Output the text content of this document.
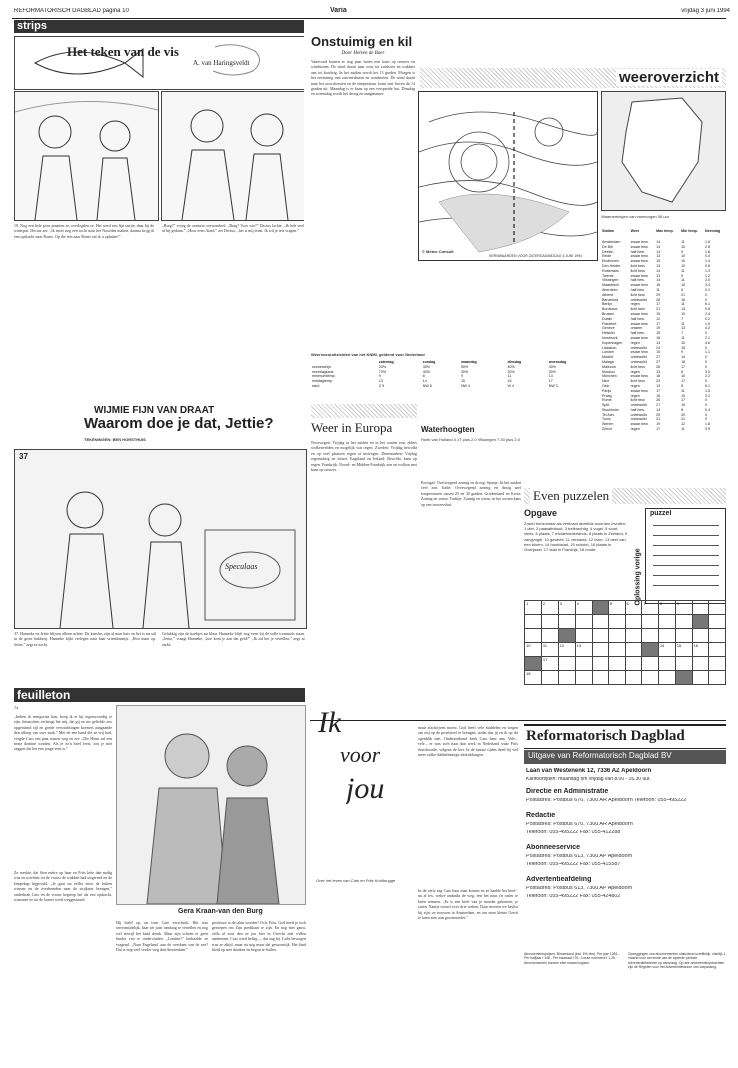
REFORMATORISCH DAGBLAD pagina 10	Varia	vrijdag 3 juni 1994
strips
Het teken van de vis
A. van Haringsveldt
19. Nog een hele poos praatten ze, overlegden ze. Het werd een fijn uurtje, daar bij de waterput. Decius zei: „Ik moet nog een tocht naar het Noorden maken, daarna krijg ik een opdracht naar Rome. Op die reis naar Rome zal ik u ophalen!”
„Burg?” vroeg de centurio verwonderd. „Burg? Voor wie?” Decius lachte. „Ik heb veel af bij gedaan.” „Hoor eens Aiard,” zei Decius, „het is mij ernst. Ik wil je iets vragen.”
WIJMIE FIJN VAN DRAAT
Waarom doe je dat, Jettie?
TEKENINGEN: BEN HORSTHUIS
37
Speculaas
37. Hanneke en Jettie blijven alleen achter. De knechts zijn al naar huis en het is nu stil in de grote bakkerij. Hanneke kijkt verlegen naar haar vriendinnetje. „Hou maar op, Jettie,” zegt ze zacht.
Gelukkig zijn de koekjes nu klaar. Hanneke blijft nog even bij de volle trommels staan. „Jettie,” vraagt Hanneke, „hoe kom je aan dat geld?” „Ik zal het je vertellen,” zegt ze zacht.
Onstuimig en kil
Door Heleen de Boer
Vanavond komen er nog paar buien met kans op onweer en windstoten. De wind draait naar west tot zuidwest en wakkert aan tot krachtig. In het zuiden wordt het 13 graden. Morgen is het onstuimig met onweersbuien en windstoten. De wind draait naar het noordwesten en de temperatuur komt niet boven de 14 graden uit. Maandag is er kans op een verspreide bui. Dinsdag en woensdag wordt het droog en aangenamer.
weeroverzicht
© Meteo Consult
KERNWAARDEN VOOR ZATERDAGMIDDAG 4 JUNI 1994
Waarnemingen van vanmorgen 08 uur
Station	Weer	Max temp.	Min temp.	Neerslag
Amsterdam	zwaar bew.	14	11	1.8
De Bilt	zwaar bew.	14	10	2.8
Deelen	half bew.	14	9	1.6
Eelde	zwaar bew.	13	10	0.4
Eindhoven	zwaar bew.	15	10	1.4
Den Helder	licht bew.	13	10	0.8
Rotterdam	licht bew.	14	11	1.3
Twente	zwaar bew.	13	9	1.2
Vlissingen	half bew.	14	11	2.0
Maastricht	zwaar bew.	16	10	3.4
Aberdeen	half bew.	11	6	0.1
Athene	licht bew.	29	21	0
Barcelona	onbewolkt	26	16	0
Berlijn	regen	17	11	6.1
Bordeaux	licht bew.	21	13	0.8
Brussel	zwaar bew.	15	10	2.4
Dublin	half bew.	12	7	0.2
Frankfort	zwaar bew.	17	11	1.9
Genève	onweer	19	13	4.2
Helsinki	half bew.	15	7	0
Innsbruck	zwaar bew.	18	11	2.1
Kopenhagen	regen	14	10	4.6
Lissabon	onbewolkt	24	15	0
Londen	zwaar bew.	15	9	1.1
Madrid	onbewolkt	27	14	0
Malaga	onbewolkt	27	18	0
Mallorca	licht bew.	26	17	0
Moskou	regen	13	8	3.0
München	zwaar bew.	18	10	2.2
Nice	licht bew.	23	17	0
Oslo	regen	13	8	5.1
Parijs	zwaar bew.	17	11	1.5
Praag	regen	16	10	3.2
Rome	licht bew.	26	17	0
Split	onbewolkt	27	19	0
Stockholm	half bew.	14	8	0.4
Tel Aviv	onbewolkt	29	20	0
Tunis	onbewolkt	31	21	0
Wenen	zwaar bew.	19	12	1.8
Zürich	regen	17	11	3.9
Weersvooruitzichten van het KNMI, geldend voor Nederland
	zaterdag	zondag	maandag	dinsdag	woensdag
zonneschijn	20%	30%	50%	40%	40%
neerslagkans	70%	40%	30%	30%	30%
minimumtemp.	9	8	9	11	13
middagtemp.	13	14	15	16	17
wind	Z 5	NW 5	NW 4	W 4	NW 3
Waterhoogten
Hoek van Holland 4.17 plus 2.0 Vlissingen 7.30 plus 2.0
Weer in Europa
Noorwegen: Vrijdag in het zuiden en in het oosten zon, elders wolkenvelden en mogelijk wat regen. Zweden: Vrijdag bewolkt en op veel plaatsen regen of motregen. Denemarken: Vrijdag regenachtig en frisser. Engeland en Ierland: Bewolkt, kans op regen. Frankrijk: Noord- en Midden-Frankrijk zon en wolken met kans op onweer.
Portugal: Overwegend zonnig en droog. Spanje: In het zuiden veel zon. Italië: Overwegend zonnig en droog met temperaturen tussen 25 en 30 graden. Griekenland en Kreta: Zonnig en warm. Turkije: Zonnig en warm, in het oosten kans op een onweersbui.
Even puzzelen
Opgave
Zowel horizontaal als verticaal dezelfde woorden invullen: 1 dier, 2 paasattribuut, 3 trefkrachtig, 4 vogel, 5 soort vlees, 6 plaats, 7 middelnederlands, 8 plaats in Zeeland, 9 zangvogel, 10 gewicht, 11 verstand, 12 rivier, 13 deel van een bloem, 14 hoofdstad, 15 schotel, 16 plaats in Overijssel, 17 stad in Frankrijk, 18 mode.	Oplossing vorige
puzzel
1	2	3	4		5	6	7	8	9		

10	11	12	13					14	15	16	
	17										
18											
feuilleton
74
„Indien ik eenigszins kan, hoop ik er bij tegenwoordig te zijn. Intusschen verheugt het mij, dat gij en uw geliefde zoo opgeruimd zijt en goede verwachtingen koestert aangaande den afloop van uwe zaak.” Met de ene hand die ze vrij had, vergde Cato een paar tranen weg en zei: „Die Heim zal een beste domine worden. Als je zo'n brief leest, zou je niet zeggen dat het een jonge vent is.”
Ze merkte, dat Sien mètre op haar en Frits lette dan nodig was en wachten tot de vrouw de wakken had uitgereed en de lampekap bijgevuld. „Je gaat nu zelfer eerst de luiken wassen en de overhemden naar de strijkster brengen,” onderbrak Cato en de vrouw begreep het als een opdracht, waarmee ze uit de kamer werd weggestuurd.
Ik
voor
jou
Over het leven van Cato en Frits Kohlbrugge
Gera Kraan-van den Burg
Hij hield op, en toen Cato verschrok. Het was onvermijdelijk, haar zei juist vandaag te vertellen en nog wel terwijl het kind dronk. Maar zijn schoen er geen hinder van te ondervinden. „Londen?” herhaalde ze vragend. „Naar Engeland, aan de overkant van de zee? Dat is nog veel verder weg dan Amsterdam.”
professor is de talen worden? Och, Frits, God heeft je toch geroepen om Zijn predikant te zijn. En nog met gauw, zelfs al wou den ze jou hier in Utrecht niet willen aanhemen. Cato werd heftig — dat zag hij. Licht bewogen was ze altijd, maar na nog maar dat gewoontijk. Het kind hield op met drinken en begon te huilen.
maar afschrijven moest. God heeft vele middelen en wegen om mij op de proefstoel te brengen, nodat dus jij en ik op dit ogenblik niet. Onderzoekend keek Cato hem aan. Vele... vele... er was toch naar dan werk in Nederland waar Frits thuishoorde, volgens de leer. In de laatste tijden deed hij wel meer zulke dubbelzinnige uitdrukkingen.
In de verte zag Cato haar man komen en ze haalde het kind ‑ nu al tex, wekre ondanks de weg, een het naar s'n vader te laten wennen. „Er is een brief van je moeder gekomen; je zuster Nantje trouwt over drie weken. Daar moeten we beslist bij zijn; ze trouwen in Amsterdam, en om onze kleine Gerrit te laten zien aan grootmoeder.”
Reformatorisch Dagblad
Uitgave van Reformatorisch Dagblad BV
Laan van Westenenk 12, 7336 AZ Apeldoorn
Kantoortijden: maandag t/m vrijdag van 8.00 - 16.30 uur.
Directie en Administratie
Postadres: Postbus 670, 7300 AR Apeldoorn Telefoon: 055-495222
Redactie
Postadres: Postbus 670, 7300 AR Apeldoorn
Telefoon: 055-495222 Fax: 055-412288
Abonneeservice
Postadres: Postbus 613, 7300 AP Apeldoorn
Telefoon: 055-495222 Fax: 055-415587
Advertentieafdeling
Postadres: Postbus 613, 7300 AP Apeldoorn
Telefoon: 055-495222 Fax: 055-424802
Abonnementsprijzen: Binnenland (incl. 6% btw). Per jaar f 284,- Per halfjaar f 148,- Per kwartaal f 76,- Losse nummers f 1,25. Abonnementen kunnen elke maand ingaan.
Opzeggingen van abonnementen uitsluitend schriftelijk, uiterlijk 1 maand voor het einde van de lopende periode. Advertentietarieven op aanvraag. Op alle advertentieopdrachten zijn de Regelen voor het Advertentiewezen van toepassing.
